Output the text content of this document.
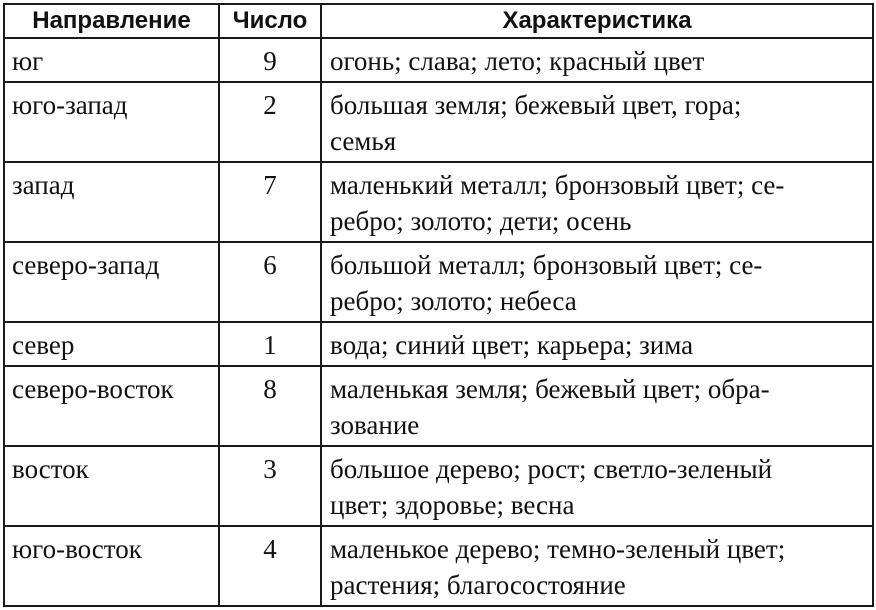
Направление	Число	Характеристика
юг	9	огонь; слава; лето; красный цвет

юго-запад	2	большая земля; бежевый цвет, гора;
семья

запад	7	маленький металл; бронзовый цвет; се-
ребро; золото; дети; осень

северо-запад	6	большой металл; бронзовый цвет; се-
ребро; золото; небеса

север	1	вода; синий цвет; карьера; зима

северо-восток	8	маленькая земля; бежевый цвет; обра-
зование

восток	3	большое дерево; рост; светло-зеленый
цвет; здоровье; весна

юго-восток	4	маленькое дерево; темно-зеленый цвет;
растения; благосостояние
